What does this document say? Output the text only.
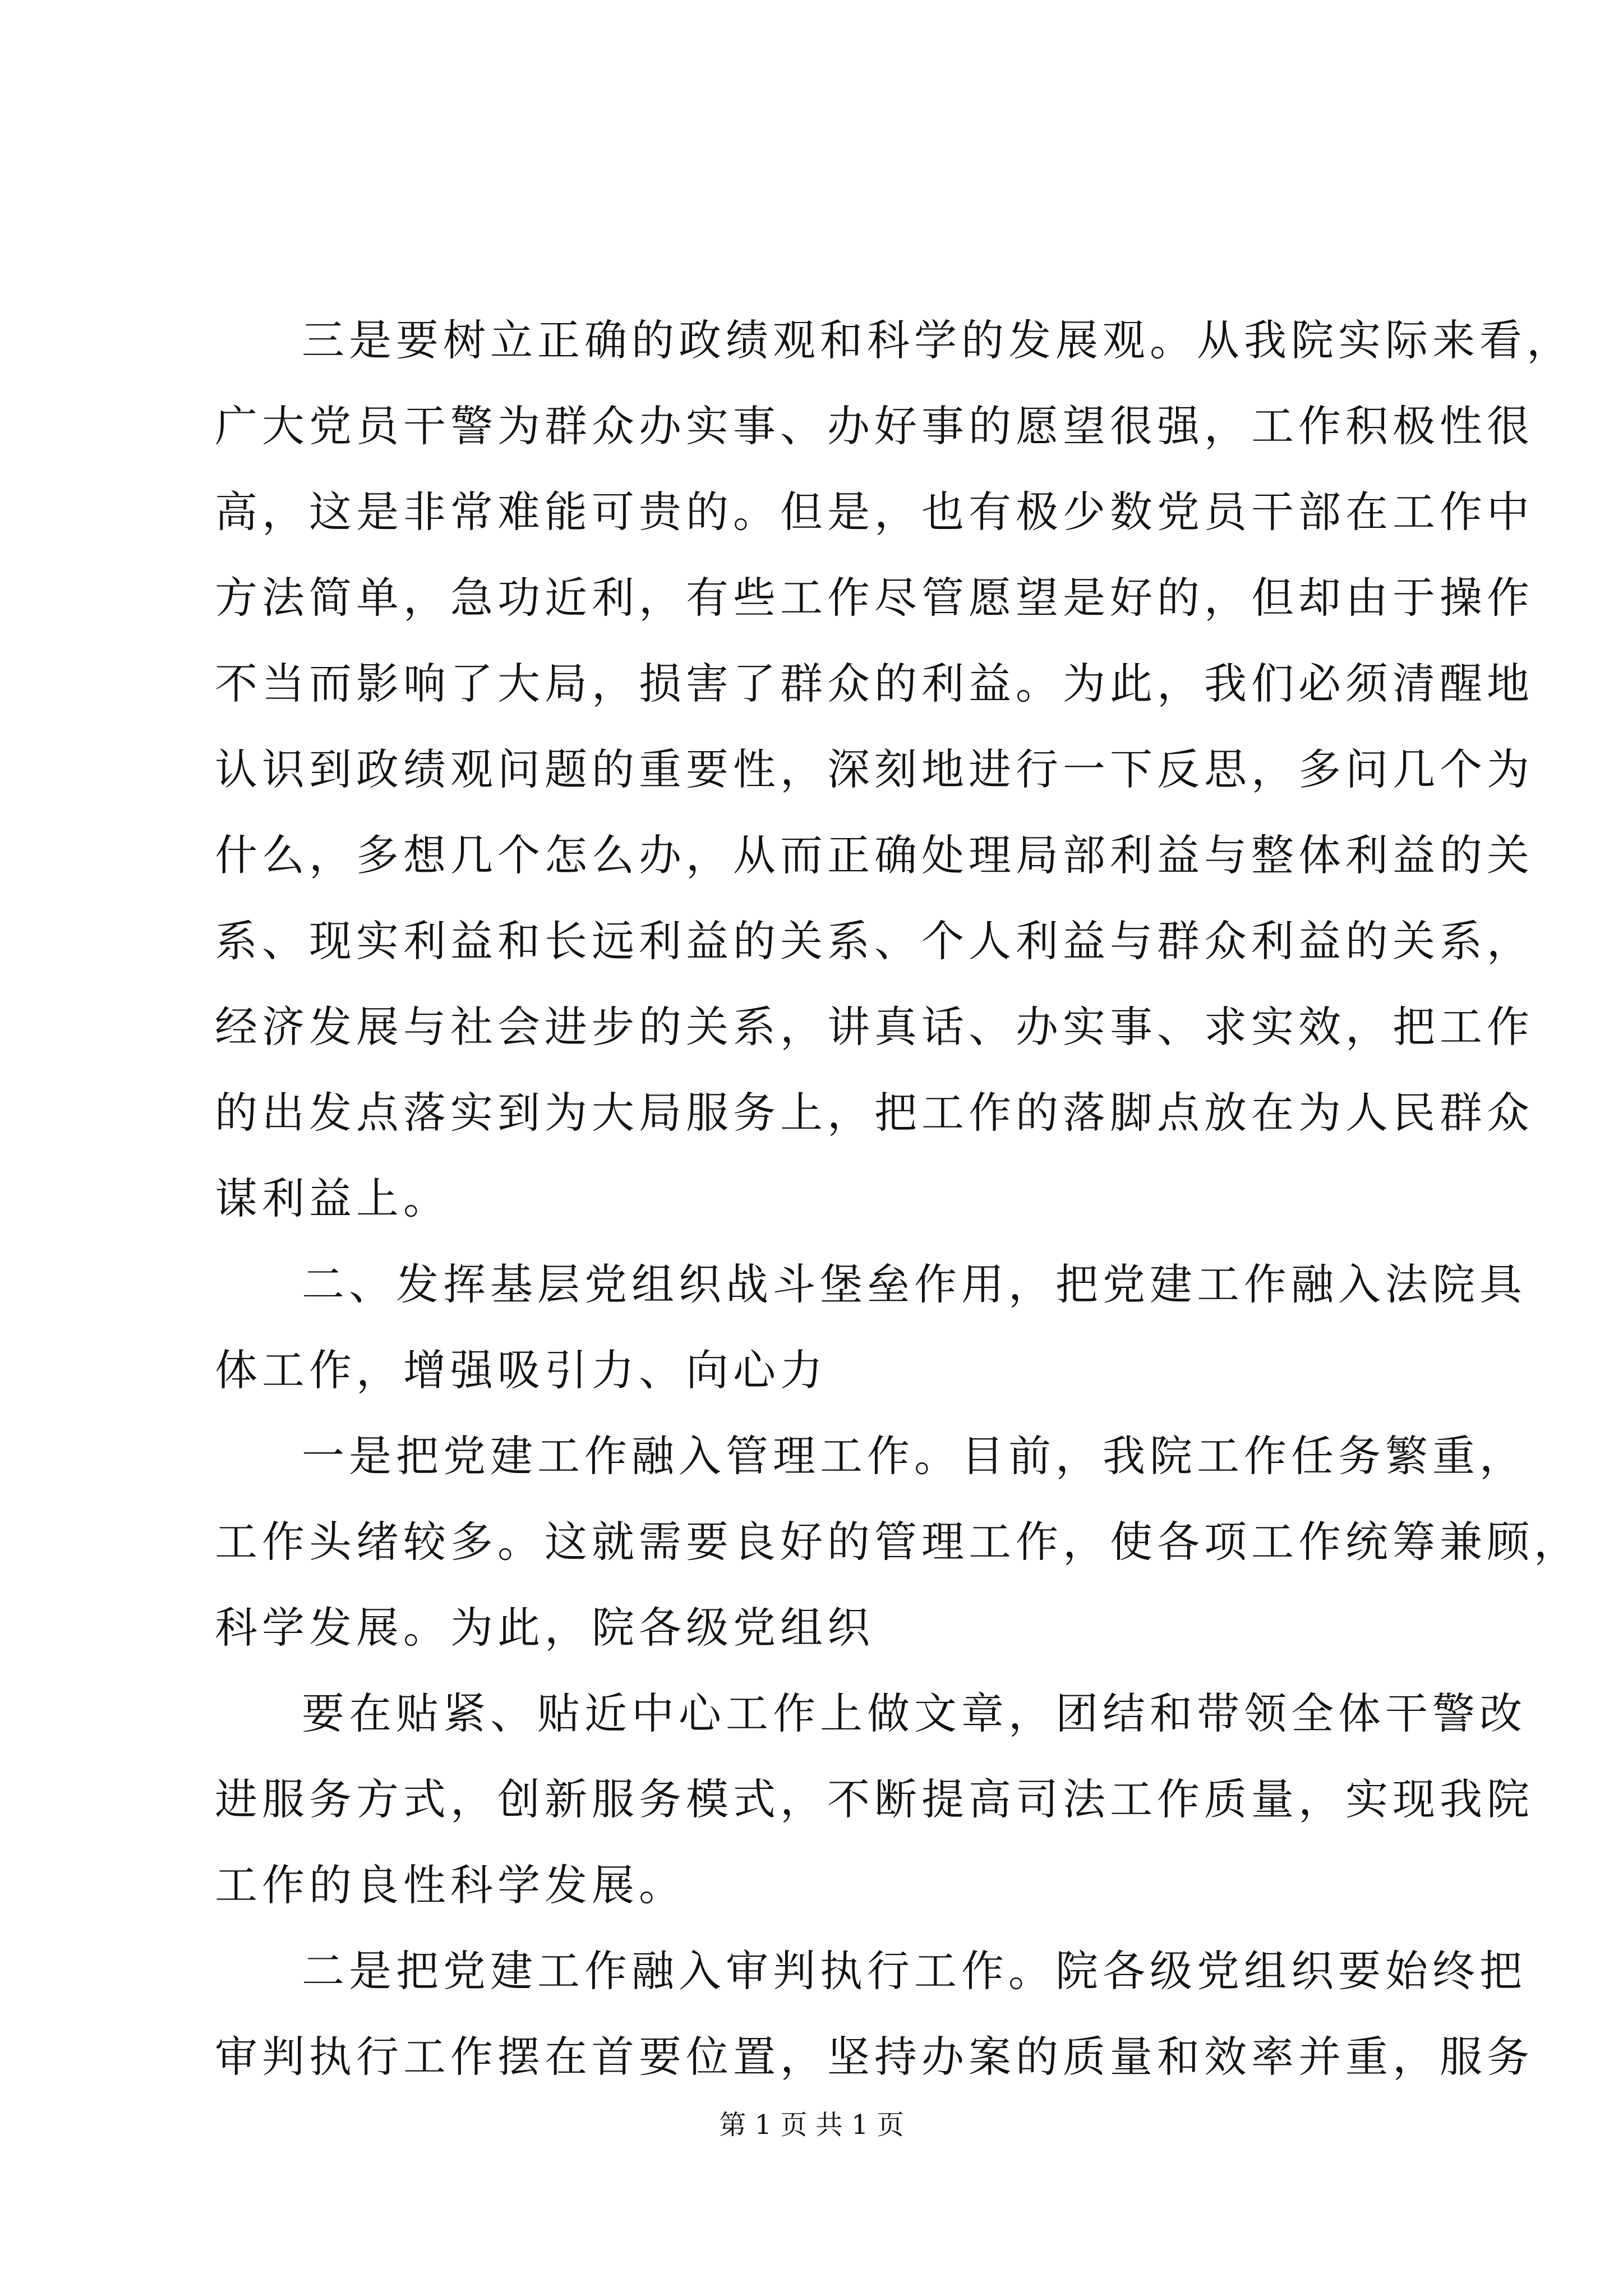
三是要树立正确的政绩观和科学的发展观。从我院实际来看，
广大党员干警为群众办实事、办好事的愿望很强，工作积极性很
高，这是非常难能可贵的。但是，也有极少数党员干部在工作中
方法简单，急功近利，有些工作尽管愿望是好的，但却由于操作
不当而影响了大局，损害了群众的利益。为此，我们必须清醒地
认识到政绩观问题的重要性，深刻地进行一下反思，多问几个为
什么，多想几个怎么办，从而正确处理局部利益与整体利益的关
系、现实利益和长远利益的关系、个人利益与群众利益的关系，
经济发展与社会进步的关系，讲真话、办实事、求实效，把工作
的出发点落实到为大局服务上，把工作的落脚点放在为人民群众
谋利益上。
二、发挥基层党组织战斗堡垒作用，把党建工作融入法院具
体工作，增强吸引力、向心力
一是把党建工作融入管理工作。目前，我院工作任务繁重，
工作头绪较多。这就需要良好的管理工作，使各项工作统筹兼顾，
科学发展。为此，院各级党组织
要在贴紧、贴近中心工作上做文章，团结和带领全体干警改
进服务方式，创新服务模式，不断提高司法工作质量，实现我院
工作的良性科学发展。
二是把党建工作融入审判执行工作。院各级党组织要始终把
审判执行工作摆在首要位置，坚持办案的质量和效率并重，服务
第 1 页 共 1 页
